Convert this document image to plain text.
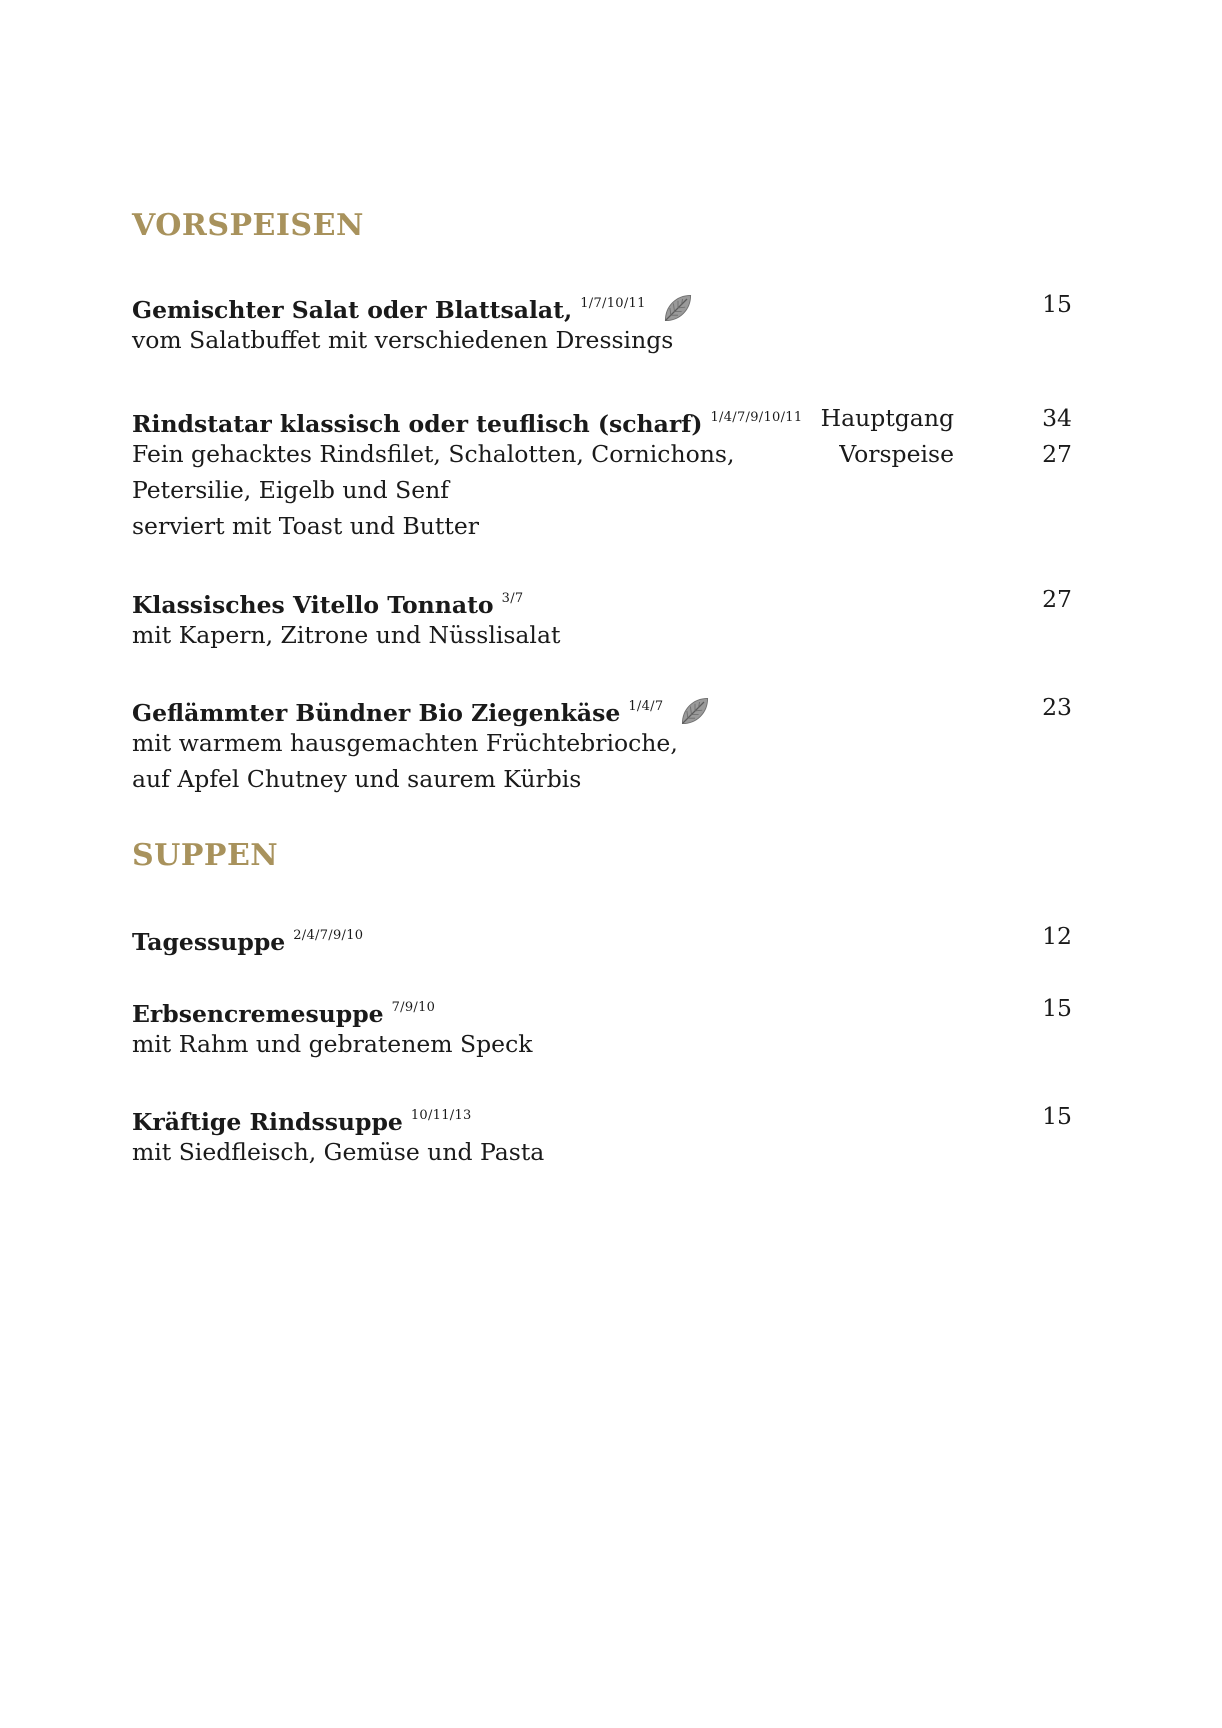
VORSPEISEN
Gemischter Salat oder Blattsalat, $^{1/7/10/11}$	15
vom Salatbuffet mit verschiedenen Dressings
Rindstatar klassisch oder teuflisch (scharf) $^{1/4/7/9/10/11}$ Hauptgang	34
Fein gehacktes Rindsfilet, Schalotten, Cornichons,	Vorspeise	27
Petersilie, Eigelb und Senf
serviert mit Toast und Butter
Klassisches Vitello Tonnato $^{3/7}$	27
mit Kapern, Zitrone und Nüsslisalat
Geflämmter Bündner Bio Ziegenkäse $^{1/4/7}$	23
mit warmem hausgemachten Früchtebrioche,
auf Apfel Chutney und saurem Kürbis
SUPPEN
Tagessuppe $^{2/4/7/9/10}$	12
Erbsencremesuppe $^{7/9/10}$	15
mit Rahm und gebratenem Speck
Kräftige Rindssuppe $^{10/11/13}$	15
mit Siedfleisch, Gemüse und Pasta
